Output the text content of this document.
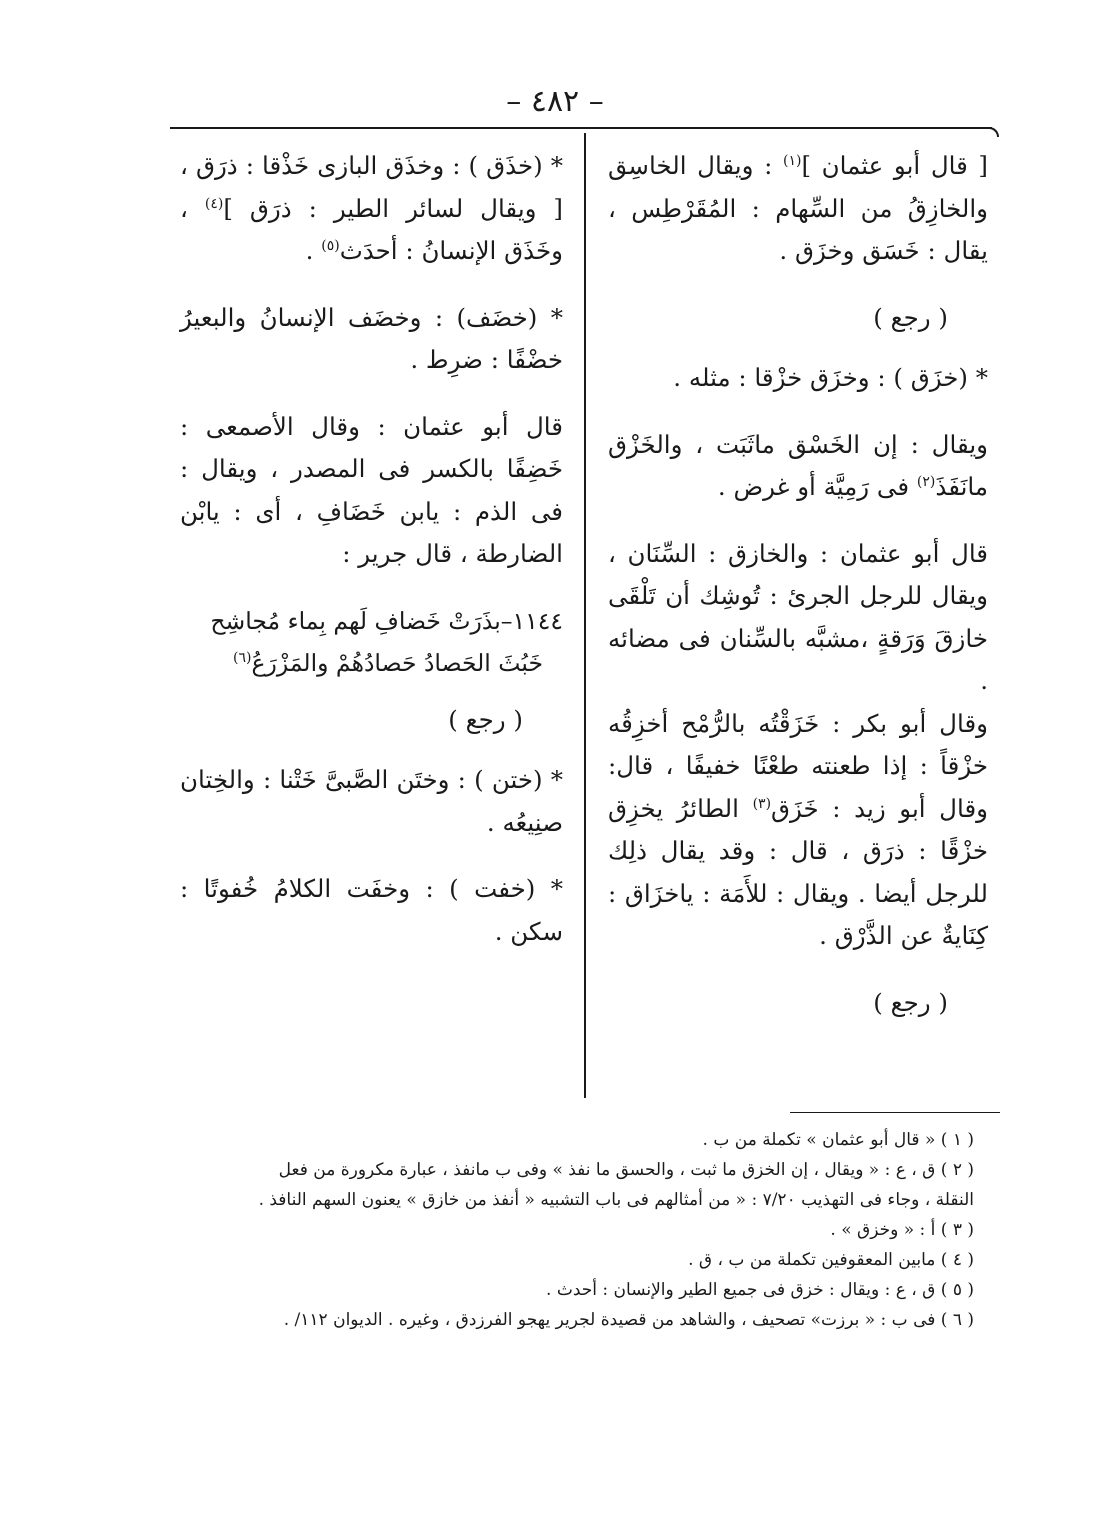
– ٤٨٢ –

[ قال أبو عثمان ]$^{(١)}$ : ويقال الخاسِق والخازِقُ من السِّهام : المُقَرْطِس ، يقال : خَسَق وخزَق .

( رجع )

* (خزَق ) : وخزَق خزْقا : مثله .

ويقال : إن الخَسْق ماثَبَت ، والخَزْق مانَفَذَ$^{(٢)}$ فى رَمِيَّة أو غرض .

قال أبو عثمان : والخازق : السِّنَان ، ويقال للرجل الجرئ : تُوشِك أن تَلْقَى خازقَ وَرَقةٍ ،مشبَّه بالسِّنان فى مضائه .

وقال أبو بكر : خَزَقْتُه بالرُّمْح أخزِقُه خزْقاً : إذا طعنته طعْنًا خفيفًا ، قال: وقال أبو زيد : خَزَق$^{(٣)}$ الطائرُ يخزِق خزْقًا : ذرَق ، قال : وقد يقال ذلِك للرجل أيضا . ويقال : للأَمَة : ياخزَاق : كِنَايةٌ عن الذَّرْق .

( رجع )

* (خذَق ) : وخذَق البازى خَذْقا : ذرَق ، [ ويقال لسائر الطير : ذرَق ]$^{(٤)}$ ، وخَذَق الإنسانُ : أحدَث$^{(٥)}$ .

* (خضَف) : وخضَف الإنسانُ والبعيرُ خضْفًا : ضرِط .

قال أبو عثمان : وقال الأصمعى : خَضِفًا بالكسر فى المصدر ، ويقال : فى الذم : يابن خَضَافِ ، أى : يابْن الضارطة ، قال جرير :

١١٤٤–بذَرَتْ خَضافِ لَهم بِماء مُجاشِح
خَبُثَ الحَصادُ حَصادُهُمْ والمَزْرَعُ$^{(٦)}$
( رجع )

* (ختن ) : وختَن الصَّبىَّ خَتْنا : والخِتان صنِيعُه .

* (خفت ) : وخفَت الكلامُ خُفوتًا : سكن .

( ١ ) « قال أبو عثمان » تكملة من ب .
( ٢ ) ق ، ع : « ويقال ، إن الخزق ما ثبت ، والحسق ما نفذ » وفى ب مانفذ ، عبارة مكرورة من فعل
النقلة ، وجاء فى التهذيب ٧/٢٠ : « من أمثالهم فى باب التشبيه « أنفذ من خازق » يعنون السهم النافذ .
( ٣ ) أ : « وخزق » .
( ٤ ) مابين المعقوفين تكملة من ب ، ق .
( ٥ ) ق ، ع : ويقال : خزق فى جميع الطير والإنسان : أحدث .
( ٦ ) فى ب : « برزت» تصحيف ، والشاهد من قصيدة لجرير يهجو الفرزدق ، وغيره . الديوان ١١٢/ .
